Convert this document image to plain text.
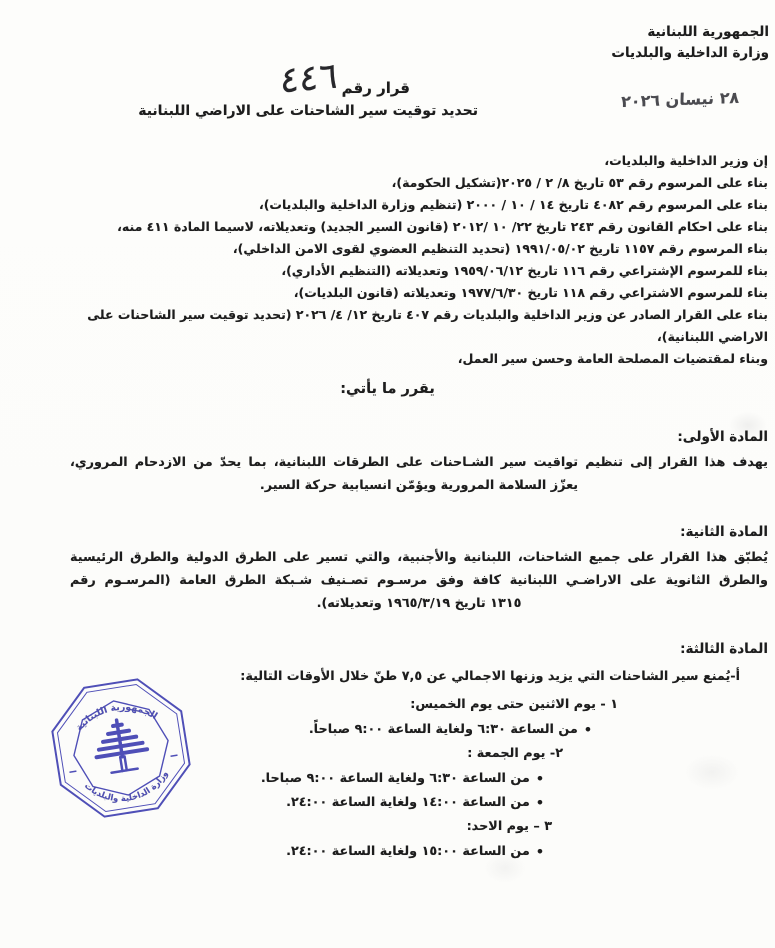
الجمهورية اللبنانية
وزارة الداخلية والبلديات
٢٨ نيسان ٢٠٢٦
قرار رقم
٤٤٦
تحديد توقيت سير الشاحنات على الاراضي اللبنانية
إن وزير الداخلية والبلديات،
بناء على المرسوم رقم ٥٣ تاريخ ٨/ ٢ / ٢٠٢٥(تشكيل الحكومة)،
بناء على المرسوم رقم ٤٠٨٢ تاريخ ١٤ / ١٠ / ٢٠٠٠ (تنظيم وزارة الداخلية والبلديات)،
بناء على احكام القانون رقم ٢٤٣ تاريخ ٢٢/ ١٠ /٢٠١٢ (قانون السير الجديد) وتعديلاته، لاسيما المادة ٤١١ منه،
بناء المرسوم رقم ١١٥٧ تاريخ ١٩٩١/٠٥/٠٢ (تحديد التنظيم العضوي لقوى الامن الداخلي)،
بناء للمرسوم الإشتراعي رقم ١١٦ تاريخ ١٩٥٩/٠٦/١٢ وتعديلاته (التنظيم الأداري)،
بناء للمرسوم الاشتراعي رقم ١١٨ تاريخ ١٩٧٧/٦/٣٠ وتعديلاته (قانون البلديات)،
بناء على القرار الصادر عن وزير الداخلية والبلديات رقم ٤٠٧ تاريخ ١٢/ ٤/ ٢٠٢٦ (تحديد توقيت سير الشاحنات على
الاراضي اللبنانية)،
وبناء لمقتضيات المصلحة العامة وحسن سير العمل،
يقرر ما يأتي:
المادة الأولى:
يهدف هذا القرار إلى تنظيم تواقيت سير الشـاحنات على الطرقات اللبنانية، بما يحدّ من الازدحام المروري،
يعزّز السلامة المرورية ويؤمّن انسيابية حركة السير.
المادة الثانية:
يُطبّق هذا القرار على جميع الشاحنات، اللبنانية والأجنبية، والتي تسير على الطرق الدولية والطرق الرئيسية
والطرق الثانوية على الاراضـي اللبنانية كافة وفق مرسـوم تصـنيف شـبكة الطرق العامة (المرسـوم رقم
١٣١٥ تاريخ ١٩٦٥/٣/١٩ وتعديلاته).
المادة الثالثة:
أ-يُمنع سير الشاحنات التي يزيد وزنها الاجمالي عن ٧,٥ طنّ خلال الأوقات التالية:
١ - يوم الاثنين حتى يوم الخميس:
•من الساعة ٦:٣٠ ولغاية الساعة ٩:٠٠ صباحاً.
٢- يوم الجمعة :
•من الساعة ٦:٣٠ ولغاية الساعة ٩:٠٠ صباحا.
•من الساعة ١٤:٠٠ ولغاية الساعة ٢٤:٠٠.
٣ – يوم الاحد:
•من الساعة ١٥:٠٠ ولغاية الساعة ٢٤:٠٠.
الجمهورية اللبنانية
وزارة الداخلية والبلديات
